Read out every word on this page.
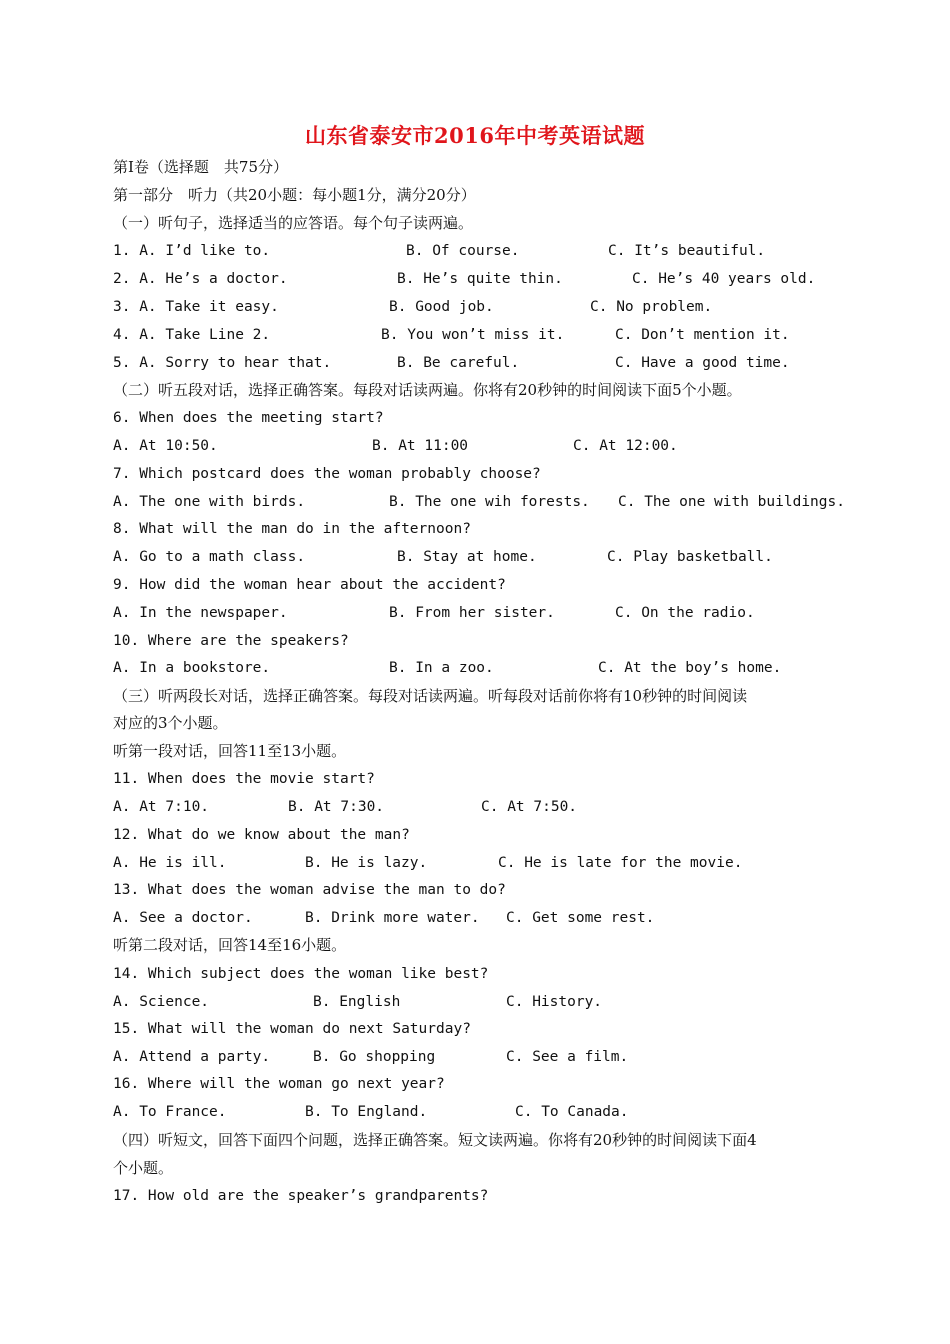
山东省泰安市2016年中考英语试题
第Ⅰ卷（选择题　共75分）
第一部分　听力（共20小题：每小题1分，满分20分）
（一）听句子，选择适当的应答语。每个句子读两遍。

1. A. I’d like to.

	B. Of course.

	C. It’s beautiful.

2. A. He’s a doctor.

	B. He’s quite thin.

	C. He’s 40 years old.

3. A. Take it easy.

	B. Good job.

	C. No problem.

4. A. Take Line 2.

	B. You won’t miss it.

	C. Don’t mention it.

5. A. Sorry to hear that.

	B. Be careful.

	C. Have a good time.

（二）听五段对话，选择正确答案。每段对话读两遍。你将有20秒钟的时间阅读下面5个小题。
6. When does the meeting start?

A. At 10:50.

	B. At 11:00

	C. At 12:00.

7. Which postcard does the woman probably choose?

A. The one with birds.

	B. The one wih forests.

C. The one with buildings.

8. What will the man do in the afternoon?

A. Go to a math class.

	B. Stay at home.

	C. Play basketball.

9. How did the woman hear about the accident?

A. In the newspaper.

	B. From her sister.

	C. On the radio.

10. Where are the speakers?

A. In a bookstore.

	B. In a zoo.

	C. At the boy’s home.

（三）听两段长对话，选择正确答案。每段对话读两遍。听每段对话前你将有10秒钟的时间阅读
对应的3个小题。
听第一段对话，回答11至13小题。
11. When does the movie start?

A. At 7:10.

	B. At 7:30.

	C. At 7:50.

12. What do we know about the man?

A. He is ill.

	B. He is lazy.

	C. He is late for the movie.

13. What does the woman advise the man to do?

A. See a doctor.

	B. Drink more water.

C. Get some rest.

听第二段对话，回答14至16小题。
14. Which subject does the woman like best?

A. Science.

	B. English

	C. History.

15. What will the woman do next Saturday?

A. Attend a party.

	B. Go shopping

	C. See a film.

16. Where will the woman go next year?

A. To France.

	B. To England.

	C. To Canada.

（四）听短文，回答下面四个问题，选择正确答案。短文读两遍。你将有20秒钟的时间阅读下面4
个小题。
17. How old are the speaker’s grandparents?
